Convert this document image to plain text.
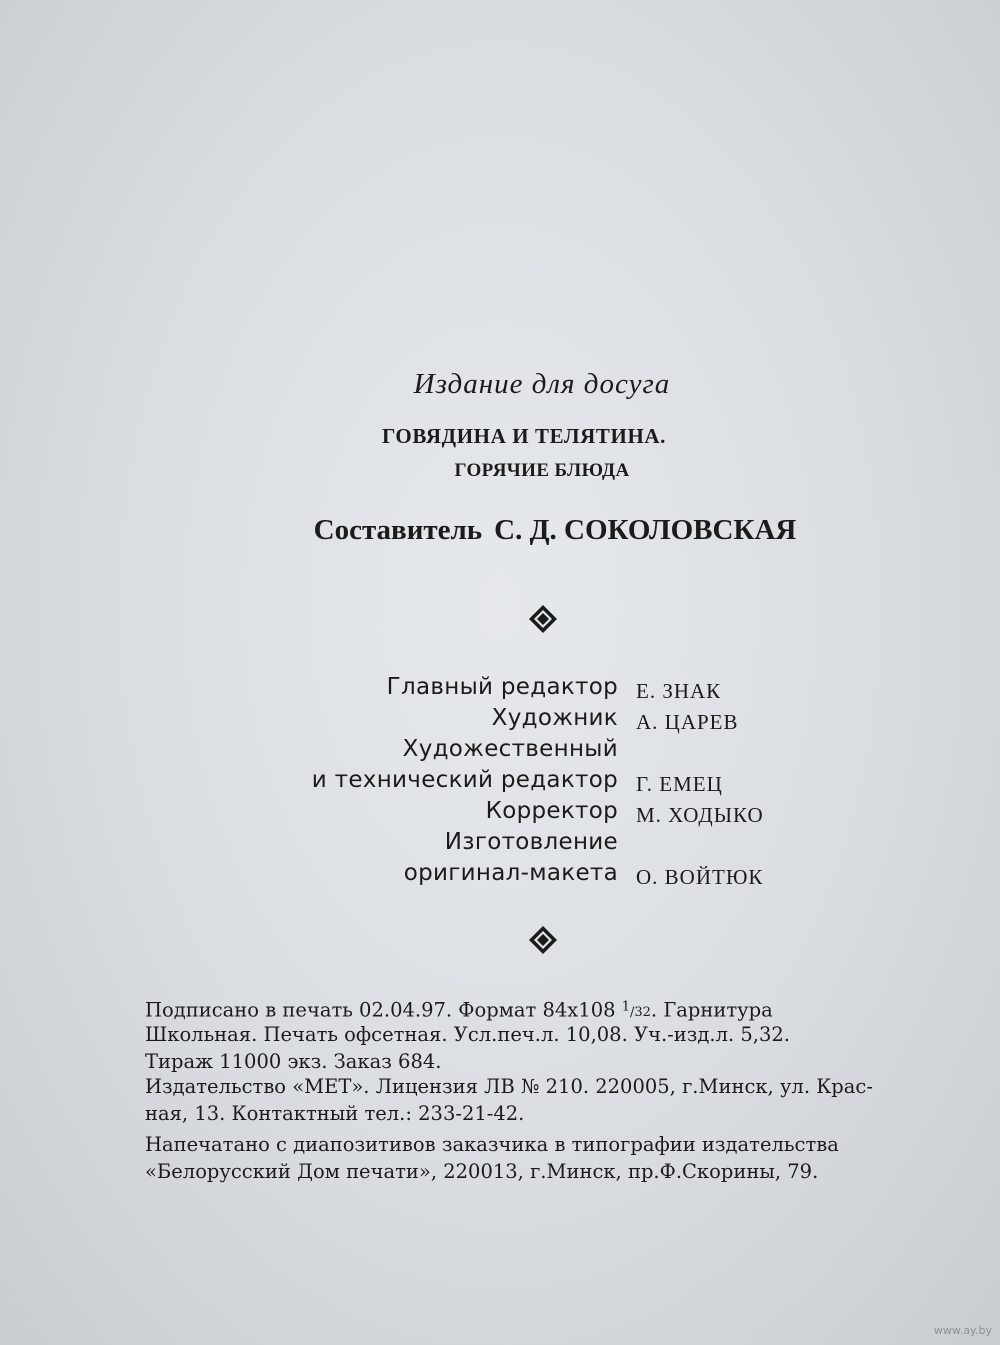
Издание для досуга
ГОВЯДИНА И ТЕЛЯТИНА.
ГОРЯЧИЕ БЛЮДА
Составитель С. Д. СОКОЛОВСКАЯ
Главный редактор Е. ЗНАК
Художник А. ЦАРЕВ
Художественный
и технический редактор Г. ЕМЕЦ
Корректор М. ХОДЫКО
Изготовление
оригинал-макета О. ВОЙТЮК
Подписано в печать 02.04.97. Формат 84x108 $^1$/32. Гарнитура
Школьная. Печать офсетная. Усл.печ.л. 10,08. Уч.-изд.л. 5,32.
Тираж 11000 экз. Заказ 684.
Издательство «МЕТ». Лицензия ЛВ № 210. 220005, г.Минск, ул. Крас-
ная, 13. Контактный тел.: 233-21-42.
Напечатано с диапозитивов заказчика в типографии издательства
«Белорусский Дом печати», 220013, г.Минск, пр.Ф.Скорины, 79.
www.ay.by
